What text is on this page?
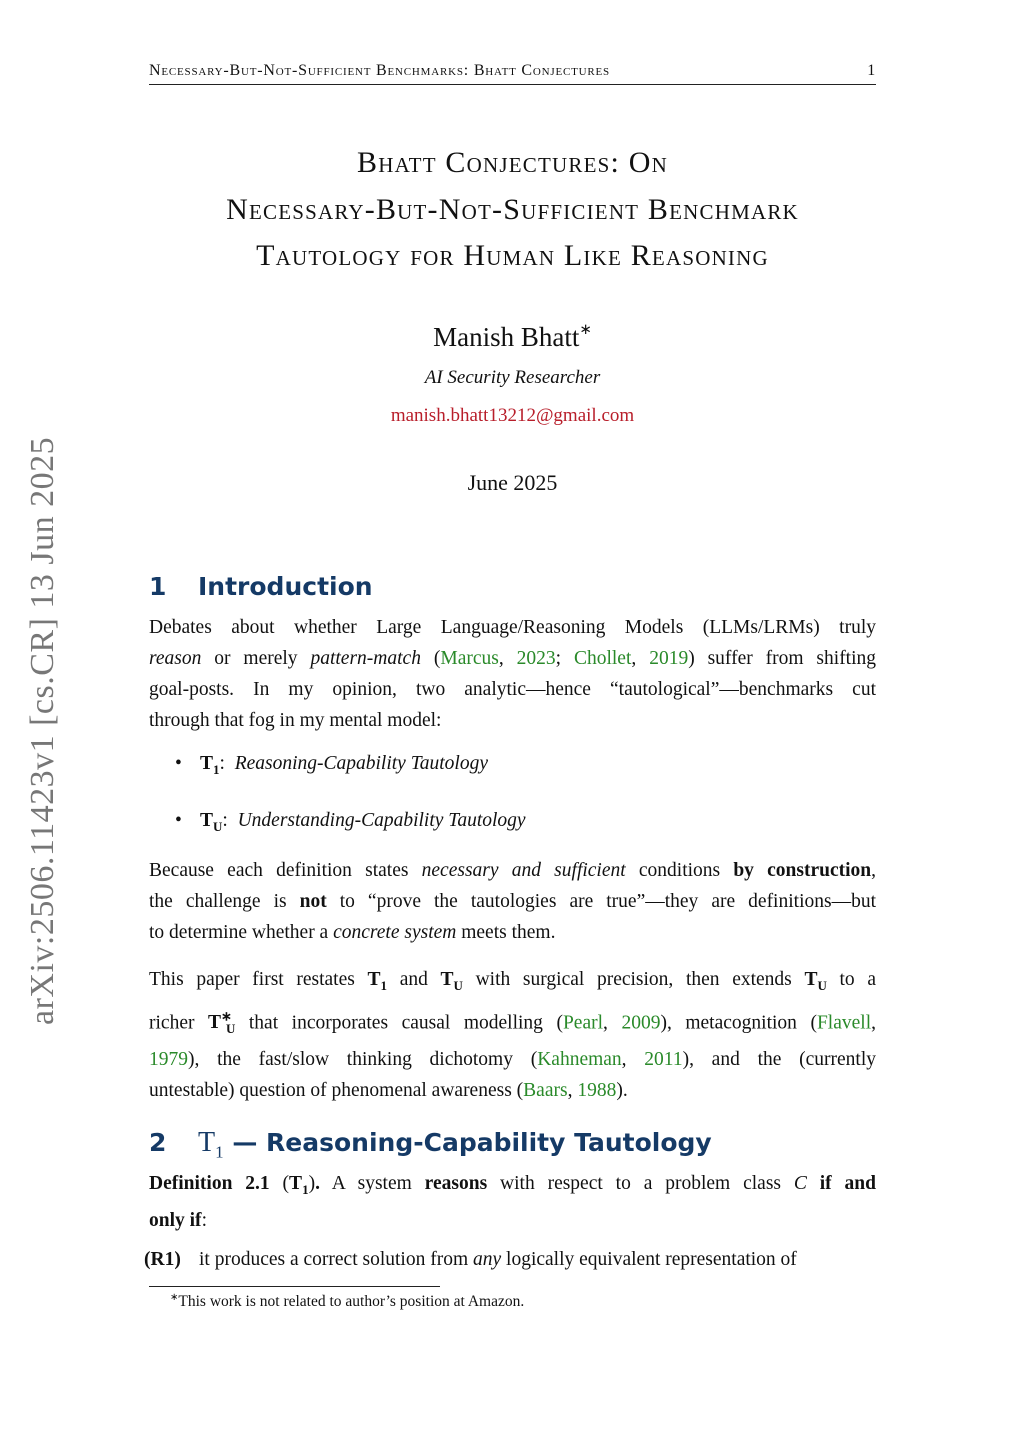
Necessary-But-Not-Sufficient Benchmarks: Bhatt Conjectures	1
arXiv:2506.11423v1 [cs.CR] 13 Jun 2025
Bhatt Conjectures: On
Necessary-But-Not-Sufficient Benchmark
Tautology for Human Like Reasoning
Manish Bhatt∗
AI Security Researcher
manish.bhatt13212@gmail.com
June 2025
1 Introduction
Debates about whether Large Language/Reasoning Models (LLMs/LRMs) truly
reason or merely pattern-match (Marcus, 2023; Chollet, 2019) suffer from shifting
goal-posts. In my opinion, two analytic—hence “tautological”—benchmarks cut
through that fog in my mental model:
• $T_1$:  Reasoning-Capability Tautology
• $T_U$:  Understanding-Capability Tautology
Because each definition states necessary and sufficient conditions by construction,
the challenge is not to “prove the tautologies are true”—they are definitions—but
to determine whether a concrete system meets them.
This paper first restates $T_1$ and $T_U$ with surgical precision, then extends $T_U$ to a
richer $T^∗_U$ that incorporates causal modelling (Pearl, 2009), metacognition (Flavell,
1979), the fast/slow thinking dichotomy (Kahneman, 2011), and the (currently
untestable) question of phenomenal awareness (Baars, 1988).
2 $T_1$ — Reasoning-Capability Tautology
Definition 2.1 $(T_1)$. A system reasons with respect to a problem class C if and
only if:
(R1) it produces a correct solution from any logically equivalent representation of
∗This work is not related to author’s position at Amazon.
